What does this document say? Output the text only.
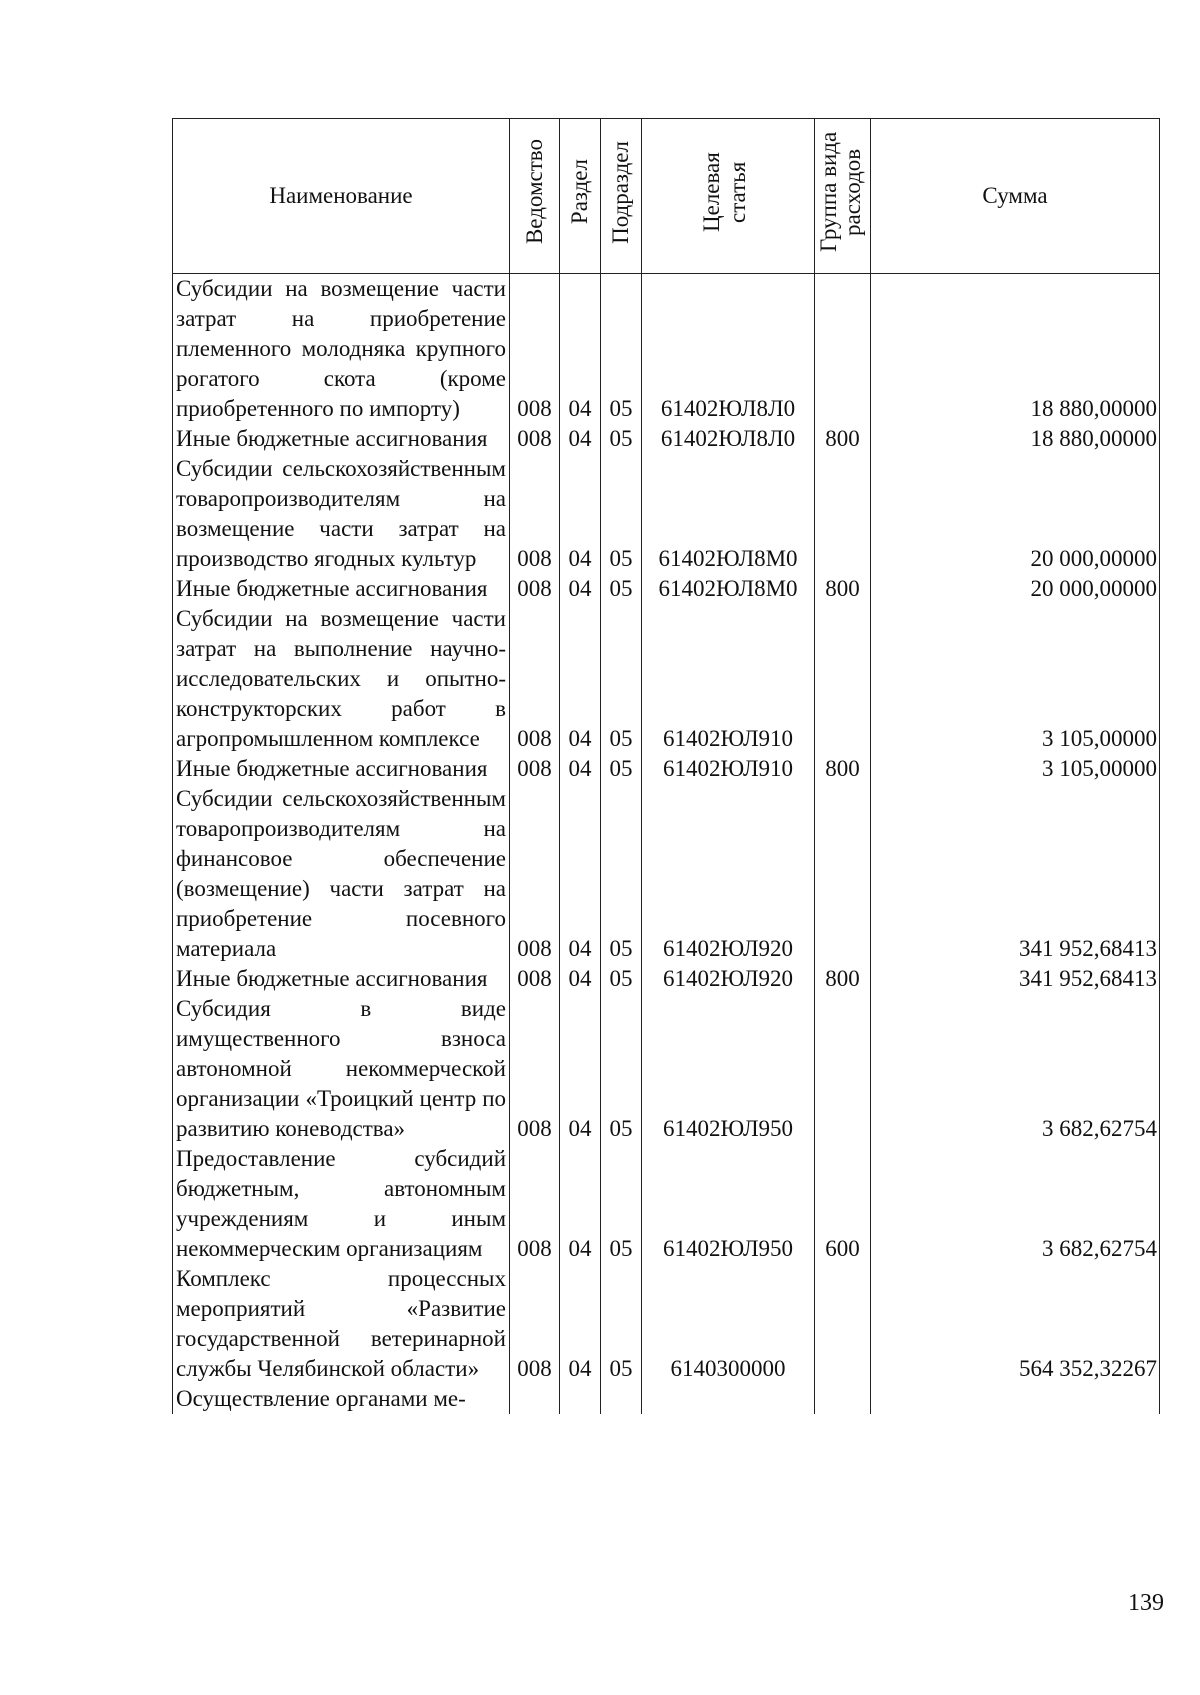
Наименование	Ведомство	Раздел	Подраздел	Целевая статья	Группа вида расходов	Сумма
Субсидии на возмещение части затрат на приобретение племенного молодняка крупного рогатого скота (кроме приобретенного по импорту)	008	04	05	61402ЮЛ8Л0		18 880,00000
Иные бюджетные ассигнования	008	04	05	61402ЮЛ8Л0	800	18 880,00000
Субсидии сельскохозяйственным товаропроизводителям на возмещение части затрат на производство ягодных культур	008	04	05	61402ЮЛ8М0		20 000,00000
Иные бюджетные ассигнования	008	04	05	61402ЮЛ8М0	800	20 000,00000
Субсидии на возмещение части затрат на выполнение научно-исследовательских и опытно-конструкторских работ в агропромышленном комплексе	008	04	05	61402ЮЛ910		3 105,00000
Иные бюджетные ассигнования	008	04	05	61402ЮЛ910	800	3 105,00000
Субсидии сельскохозяйственным товаропроизводителям на финансовое обеспечение (возмещение) части затрат на приобретение посевного материала	008	04	05	61402ЮЛ920		341 952,68413
Иные бюджетные ассигнования	008	04	05	61402ЮЛ920	800	341 952,68413
Субсидия в виде имущественного взноса автономной некоммерческой организации «Троицкий центр по развитию коневодства»	008	04	05	61402ЮЛ950		3 682,62754
Предоставление субсидий бюджетным, автономным учреждениям и иным некоммерческим организациям	008	04	05	61402ЮЛ950	600	3 682,62754
Комплекс процессных мероприятий «Развитие государственной ветеринарной службы Челябинской области»	008	04	05	6140300000		564 352,32267
Осуществление органами ме-						
139
